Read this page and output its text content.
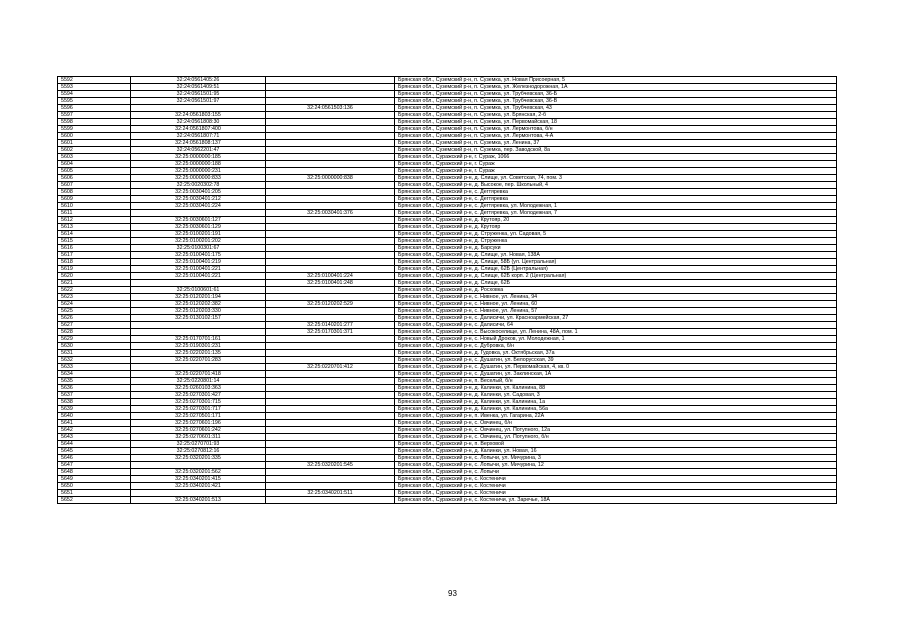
5592	32:24:0561405:26		Брянская обл., Суземский р-н, п. Суземка, ул. Новая Присоерная, 5
5593	32:24:0561409:51		Брянская обл., Суземский р-н, п. Суземка, ул. Железнодорожная, 1А
5594	32:24:0561501:95		Брянская обл., Суземский р-н, п. Суземка, ул. Трубчевская, 36-Б
5595	32:24:0561501:97		Брянская обл., Суземский р-н, п. Суземка, ул. Трубчевская, 36-В
5596		32:24:0561503:136	Брянская обл., Суземский р-н, п. Суземка, ул. Трубчевская, 43
5597	32:24:0561803:155		Брянская обл., Суземский р-н, п. Суземка, ул. Брянская, 2-б
5598	32:24:0561808:30		Брянская обл., Суземский р-н, п. Суземка, ул. Первомайская, 18
5599	32:24:0561807:400		Брянская обл., Суземский р-н, п. Суземка, ул. Лермонтова, б/н
5600	32:24:0561807:71		Брянская обл., Суземский р-н, п. Суземка, ул. Лермонтова, 4-А
5601	32:24:0561808:137		Брянская обл., Суземский р-н, п. Суземка, ул. Ленина, 37
5602	32:24:0562201:47		Брянская обл., Суземский р-н, п. Суземка, пер. Заводской, 8а
5603	32:25:0000000:185		Брянская обл., Суражский р-н, г. Сураж, 1066
5604	32:25:0000000:188		Брянская обл., Суражский р-н, г. Сураж
5605	32:25:0000000:231		Брянская обл., Суражский р-н, г. Сураж
5606	32:25:0000000:833	32:25:0000000:838	Брянская обл., Суражский р-н, д. Слище, ул. Советская, 74, пом. 3
5607	32:25:0020302:78		Брянская обл., Суражский р-н, д. Высокое, пер. Школьный, 4
5608	32:25:0030401:205		Брянская обл., Суражский р-н, с. Дегтяревка
5609	32:25:0030401:212		Брянская обл., Суражский р-н, с. Дегтяревка
5610	32:25:0030401:224		Брянская обл., Суражский р-н, с. Дегтяревка, ул. Молодежная, 1
5611		32:25:0030401:376	Брянская обл., Суражский р-н, с. Дегтяревка, ул. Молодежная, 7
5612	32:25:0030601:127		Брянская обл., Суражский р-н, д. Крутояр, 20
5613	32:25:0030601:129		Брянская обл., Суражский р-н, д. Крутояр
5614	32:25:0100201:191		Брянская обл., Суражский р-н, д. Струженка, ул. Садовая, 5
5615	32:25:0100201:202		Брянская обл., Суражский р-н, д. Струженка
5616	32:25:0100301:67		Брянская обл., Суражский р-н, д. Барсуки
5617	32:25:0100401:175		Брянская обл., Суражский р-н, д. Слище, ул. Новая, 138А
5618	32:25:0100401:219		Брянская обл., Суражский р-н, д. Слище, 58Б (ул. Центральная)
5619	32:25:0100401:221		Брянская обл., Суражский р-н, д. Слище, 62Б (Центральная)
5620	32:25:0100401:221	32:25:0100401:224	Брянская обл., Суражский р-н, д. Слище, 62Б корп. 2 (Центральная)
5621		32:25:0100401:248	Брянская обл., Суражский р-н, д. Слище, 62Б
5622	32:25:0100601:61		Брянская обл., Суражский р-н, д. Росховка
5623	32:25:0120201:194		Брянская обл., Суражский р-н, с. Нивное, ул. Ленина, 94
5624	32:25:0120202:382	32:25:0120202:529	Брянская обл., Суражский р-н, с. Нивное, ул. Ленина, 60
5625	32:25:0120203:330		Брянская обл., Суражский р-н, с. Нивное, ул. Ленина, 57
5626	32:25:0130102:157		Брянская обл., Суражский р-н, с. Далисичи, ул. Красноармейская, 27
5627		32:25:0140201:277	Брянская обл., Суражский р-н, с. Далисичи, 64
5628		32:25:0170301:371	Брянская обл., Суражский р-н, с. Высокоселище, ул. Ленина, 48А, пом. 1
5629	32:25:0170701:161		Брянская обл., Суражский р-н, с. Новый Дроков, ул. Молодежная, 1
5630	32:25:0190301:231		Брянская обл., Суражский р-н, с. Дубровка, б/н
5631	32:25:0220201:135		Брянская обл., Суражский р-н, д. Гудовка, ул. Октябрьская, 37а
5632	32:25:0220701:283		Брянская обл., Суражский р-н, с. Душатин, ул. Белорусская, 39
5633		32:25:0220701:412	Брянская обл., Суражский р-н, с. Душатин, ул. Первомайская, 4, кв. 0
5634	32:25:0220701:418		Брянская обл., Суражский р-н, с. Душатин, ул. Заклинская, 1А
5635	32:25:0220801:14		Брянская обл., Суражский р-н, п. Веселый, б/н
5636	32:25:0260103:363		Брянская обл., Суражский р-н, д. Калинки, ул. Калинина, 88
5637	32:25:0270301:427		Брянская обл., Суражский р-н, д. Калинки, ул. Садовая, 3
5638	32:25:0270301:715		Брянская обл., Суражский р-н, д. Калинки, ул. Калинина, 1а
5639	32:25:0270301:717		Брянская обл., Суражский р-н, д. Калинки, ул. Калинина, 56а
5640	32:25:0270501:171		Брянская обл., Суражский р-н, п. Ивенка, ул. Гагарина, 22А
5641	32:25:0270601:196		Брянская обл., Суражский р-н, с. Овчинец, б/н
5642	32:25:0270601:242		Брянская обл., Суражский р-н, с. Овчинец, ул. Потупного, 12а
5643	32:25:0270601:311		Брянская обл., Суражский р-н, с. Овчинец, ул. Потупного, б/н
5644	32:25:0270701:93		Брянская обл., Суражский р-н, п. Верховой
5645	32:25:0270812:16		Брянская обл., Суражский р-н, д. Калинки, ул. Новая, 16
5646	32:25:0320201:335		Брянская обл., Суражский р-н, с. Лопычи, ул. Мичурина, 3
5647		32:25:0320201:545	Брянская обл., Суражский р-н, с. Лопычи, ул. Мичурина, 12
5648	32:25:0320201:562		Брянская обл., Суражский р-н, с. Лопычи
5649	32:25:0340201:415		Брянская обл., Суражский р-н, с. Костеничи
5650	32:25:0340201:421		Брянская обл., Суражский р-н, с. Костеничи
5651		32:25:0340201:511	Брянская обл., Суражский р-н, с. Костеничи
5652	32:25:0340201:513		Брянская обл., Суражский р-н, с. Костеничи, ул. Заречье, 18А
93
